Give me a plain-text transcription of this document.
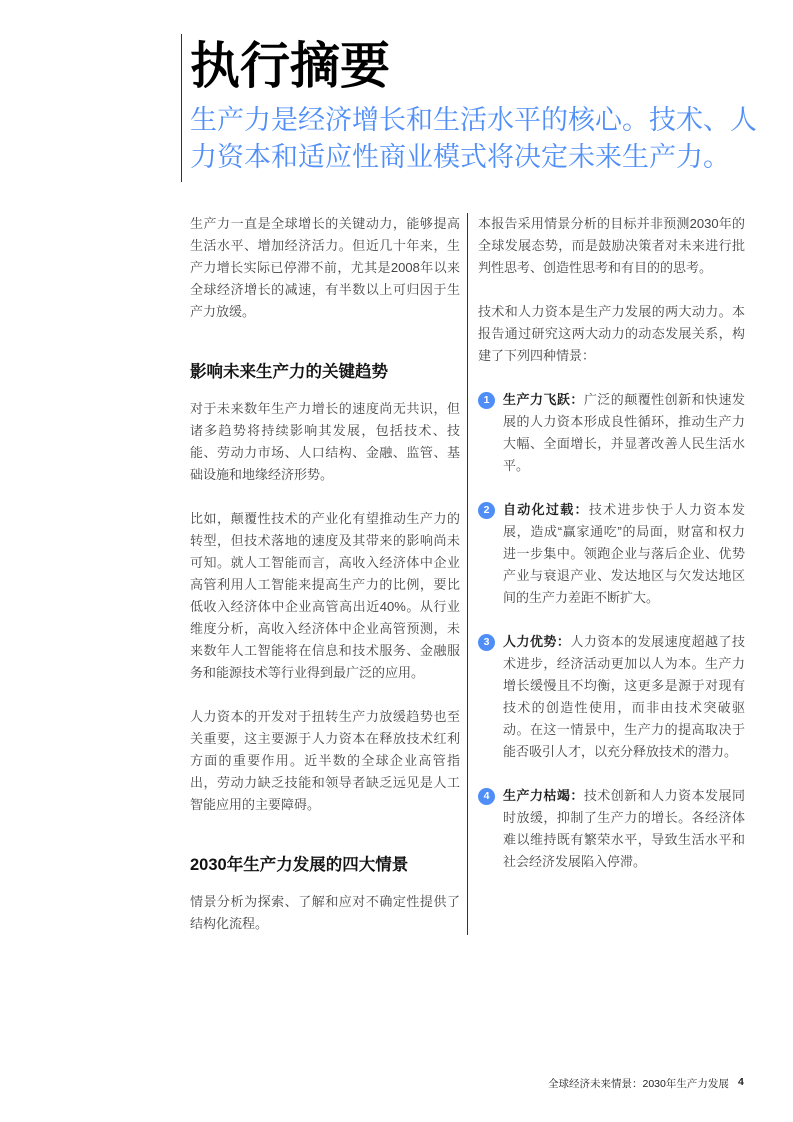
执行摘要

生产力是经济增长和生活水平的核心。技术、人力资本和适应性商业模式将决定未来生产力。

生产力一直是全球增长的关键动力，能够提高生活水平、增加经济活力。但近几十年来，生产力增长实际已停滞不前，尤其是2008年以来全球经济增长的减速，有半数以上可归因于生产力放缓。

影响未来生产力的关键趋势

对于未来数年生产力增长的速度尚无共识，但诸多趋势将持续影响其发展，包括技术、技能、劳动力市场、人口结构、金融、监管、基础设施和地缘经济形势。

比如，颠覆性技术的产业化有望推动生产力的转型，但技术落地的速度及其带来的影响尚未可知。就人工智能而言，高收入经济体中企业高管利用人工智能来提高生产力的比例，要比低收入经济体中企业高管高出近40%。从行业维度分析，高收入经济体中企业高管预测，未来数年人工智能将在信息和技术服务、金融服务和能源技术等行业得到最广泛的应用。

人力资本的开发对于扭转生产力放缓趋势也至关重要，这主要源于人力资本在释放技术红利方面的重要作用。近半数的全球企业高管指出，劳动力缺乏技能和领导者缺乏远见是人工智能应用的主要障碍。

2030年生产力发展的四大情景

情景分析为探索、了解和应对不确定性提供了结构化流程。

本报告采用情景分析的目标并非预测2030年的全球发展态势，而是鼓励决策者对未来进行批判性思考、创造性思考和有目的的思考。

技术和人力资本是生产力发展的两大动力。本报告通过研究这两大动力的动态发展关系，构建了下列四种情景：

1	生产力飞跃：广泛的颠覆性创新和快速发展的人力资本形成良性循环，推动生产力大幅、全面增长，并显著改善人民生活水平。

2	自动化过载：技术进步快于人力资本发展，造成“赢家通吃”的局面，财富和权力进一步集中。领跑企业与落后企业、优势产业与衰退产业、发达地区与欠发达地区间的生产力差距不断扩大。

3	人力优势：人力资本的发展速度超越了技术进步，经济活动更加以人为本。生产力增长缓慢且不均衡，这更多是源于对现有技术的创造性使用，而非由技术突破驱动。在这一情景中，生产力的提高取决于能否吸引人才，以充分释放技术的潜力。

4	生产力枯竭：技术创新和人力资本发展同时放缓，抑制了生产力的增长。各经济体难以维持既有繁荣水平，导致生活水平和社会经济发展陷入停滞。

全球经济未来情景：2030年生产力发展 4
